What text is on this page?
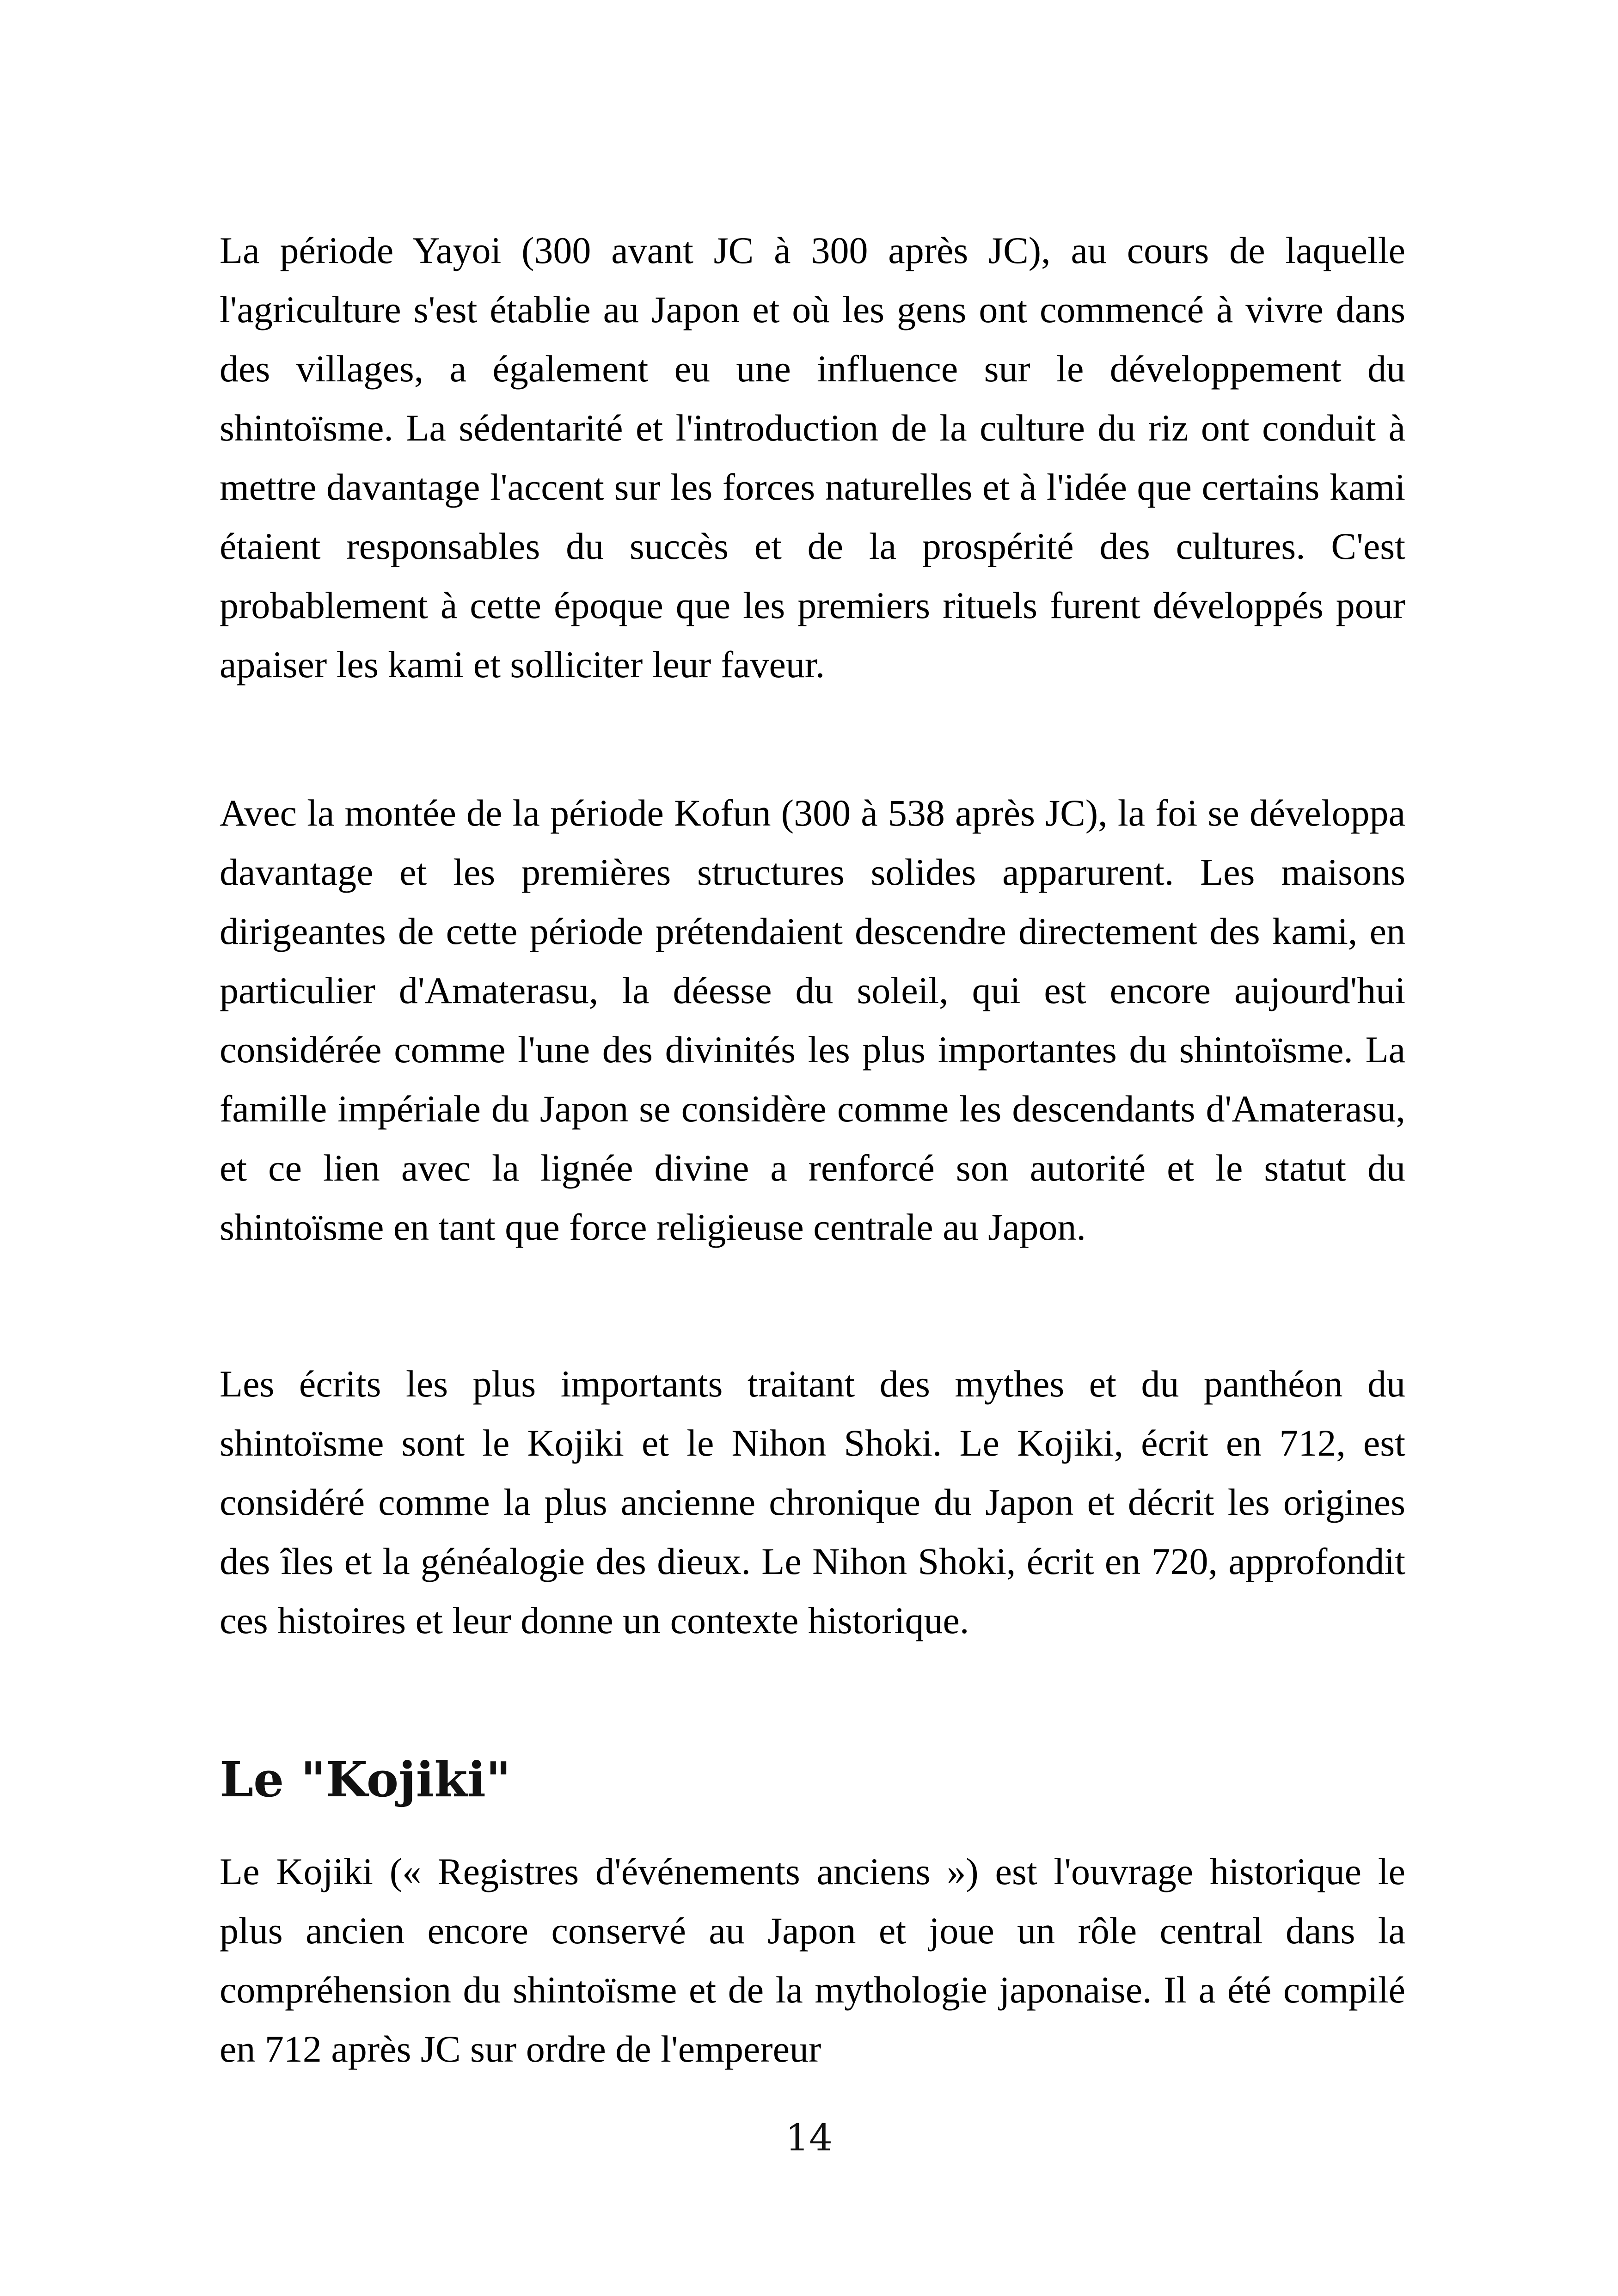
La période Yayoi (300 avant JC à 300 après JC), au cours de laquelle l'agriculture s'est établie au Japon et où les gens ont commencé à vivre dans des villages, a également eu une influence sur le développement du shintoïsme. La sédentarité et l'introduction de la culture du riz ont conduit à mettre davantage l'accent sur les forces naturelles et à l'idée que certains kami étaient responsables du succès et de la prospérité des cultures. C'est probablement à cette époque que les premiers rituels furent développés pour apaiser les kami et solliciter leur faveur.

Avec la montée de la période Kofun (300 à 538 après JC), la foi se développa davantage et les premières structures solides apparurent. Les maisons dirigeantes de cette période prétendaient descendre directement des kami, en particulier d'Amaterasu, la déesse du soleil, qui est encore aujourd'hui considérée comme l'une des divinités les plus importantes du shintoïsme. La famille impériale du Japon se considère comme les descendants d'Amaterasu, et ce lien avec la lignée divine a renforcé son autorité et le statut du shintoïsme en tant que force religieuse centrale au Japon.

Les écrits les plus importants traitant des mythes et du panthéon du shintoïsme sont le Kojiki et le Nihon Shoki. Le Kojiki, écrit en 712, est considéré comme la plus ancienne chronique du Japon et décrit les origines des îles et la généalogie des dieux. Le Nihon Shoki, écrit en 720, approfondit ces histoires et leur donne un contexte historique.

Le "Kojiki"

Le Kojiki (« Registres d'événements anciens ») est l'ouvrage historique le plus ancien encore conservé au Japon et joue un rôle central dans la compréhension du shintoïsme et de la mythologie japonaise. Il a été compilé en 712 après JC sur ordre de l'empereur

14
